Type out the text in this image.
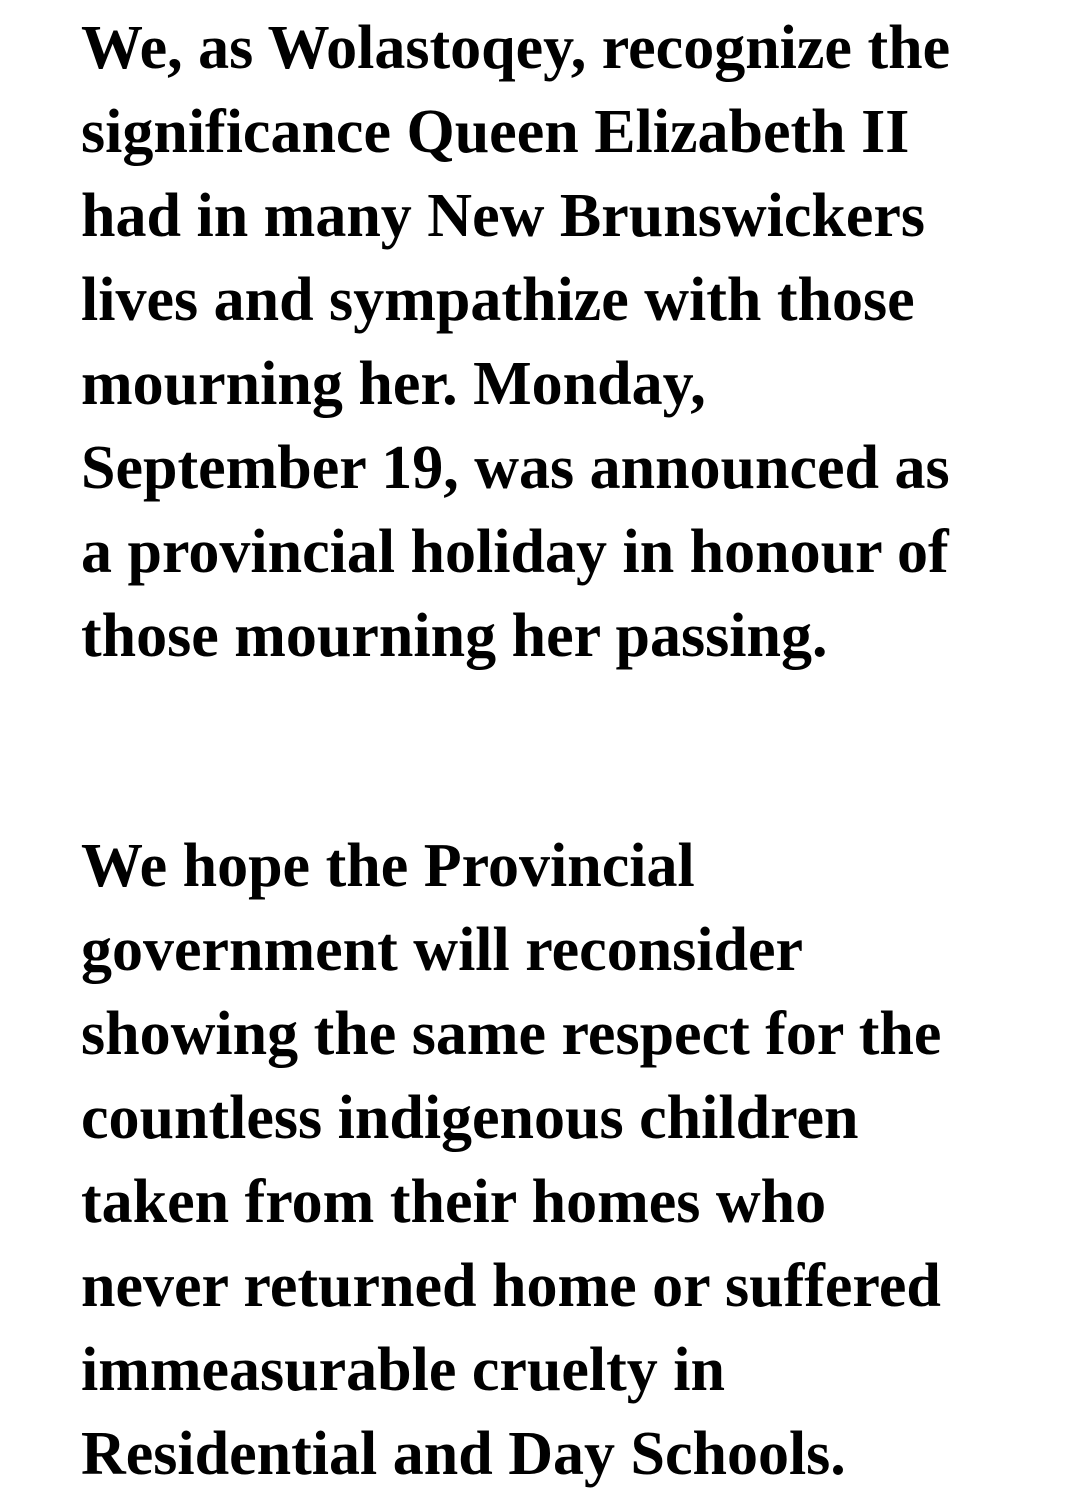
We, as Wolastoqey, recognize the
significance Queen Elizabeth II
had in many New Brunswickers
lives and sympathize with those
mourning her. Monday,
September 19, was announced as
a provincial holiday in honour of
those mourning her passing.

We hope the Provincial
government will reconsider
showing the same respect for the
countless indigenous children
taken from their homes who
never returned home or suffered
immeasurable cruelty in
Residential and Day Schools.
